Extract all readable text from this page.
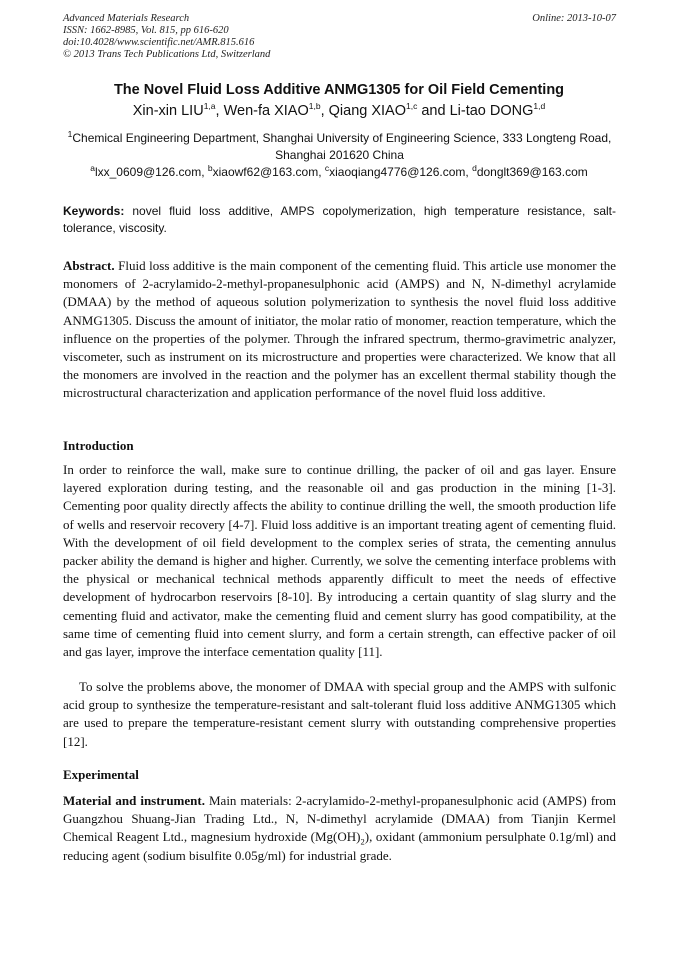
Advanced Materials Research
ISSN: 1662-8985, Vol. 815, pp 616-620
doi:10.4028/www.scientific.net/AMR.815.616
© 2013 Trans Tech Publications Ltd, Switzerland
Online: 2013-10-07
The Novel Fluid Loss Additive ANMG1305 for Oil Field Cementing
Xin-xin LIU$^{1,a}$, Wen-fa XIAO$^{1,b}$, Qiang XIAO$^{1,c}$ and Li-tao DONG$^{1,d}$
$^1$Chemical Engineering Department, Shanghai University of Engineering Science, 333 Longteng Road, Shanghai 201620 China
$^a$lxx_0609@126.com, $^b$xiaowf62@163.com, $^c$xiaoqiang4776@126.com, $^d$donglt369@163.com
Keywords: novel fluid loss additive, AMPS copolymerization, high temperature resistance, salt-tolerance, viscosity.
Abstract. Fluid loss additive is the main component of the cementing fluid. This article use monomer the monomers of 2-acrylamido-2-methyl-propanesulphonic acid (AMPS) and N, N-dimethyl acrylamide (DMAA) by the method of aqueous solution polymerization to synthesis the novel fluid loss additive ANMG1305. Discuss the amount of initiator, the molar ratio of monomer, reaction temperature, which the influence on the properties of the polymer. Through the infrared spectrum, thermo-gravimetric analyzer, viscometer, such as instrument on its microstructure and properties were characterized. We know that all the monomers are involved in the reaction and the polymer has an excellent thermal stability though the microstructural characterization and application performance of the novel fluid loss additive.
Introduction
In order to reinforce the wall, make sure to continue drilling, the packer of oil and gas layer. Ensure layered exploration during testing, and the reasonable oil and gas production in the mining [1-3]. Cementing poor quality directly affects the ability to continue drilling the well, the smooth production life of wells and reservoir recovery [4-7]. Fluid loss additive is an important treating agent of cementing fluid. With the development of oil field development to the complex series of strata, the cementing annulus packer ability the demand is higher and higher. Currently, we solve the cementing interface problems with the physical or mechanical technical methods apparently difficult to meet the needs of effective development of hydrocarbon reservoirs [8-10]. By introducing a certain quantity of slag slurry and the cementing fluid and activator, make the cementing fluid and cement slurry has good compatibility, at the same time of cementing fluid into cement slurry, and form a certain strength, can effective packer of oil and gas layer, improve the interface cementation quality [11].
To solve the problems above, the monomer of DMAA with special group and the AMPS with sulfonic acid group to synthesize the temperature-resistant and salt-tolerant fluid loss additive ANMG1305 which are used to prepare the temperature-resistant cement slurry with outstanding comprehensive properties [12].
Experimental
Material and instrument. Main materials: 2-acrylamido-2-methyl-propanesulphonic acid (AMPS) from Guangzhou Shuang-Jian Trading Ltd., N, N-dimethyl acrylamide (DMAA) from Tianjin Kermel Chemical Reagent Ltd., magnesium hydroxide $(Mg(OH)_2)$, oxidant (ammonium persulphate 0.1g/ml) and reducing agent (sodium bisulfite 0.05g/ml) for industrial grade.
